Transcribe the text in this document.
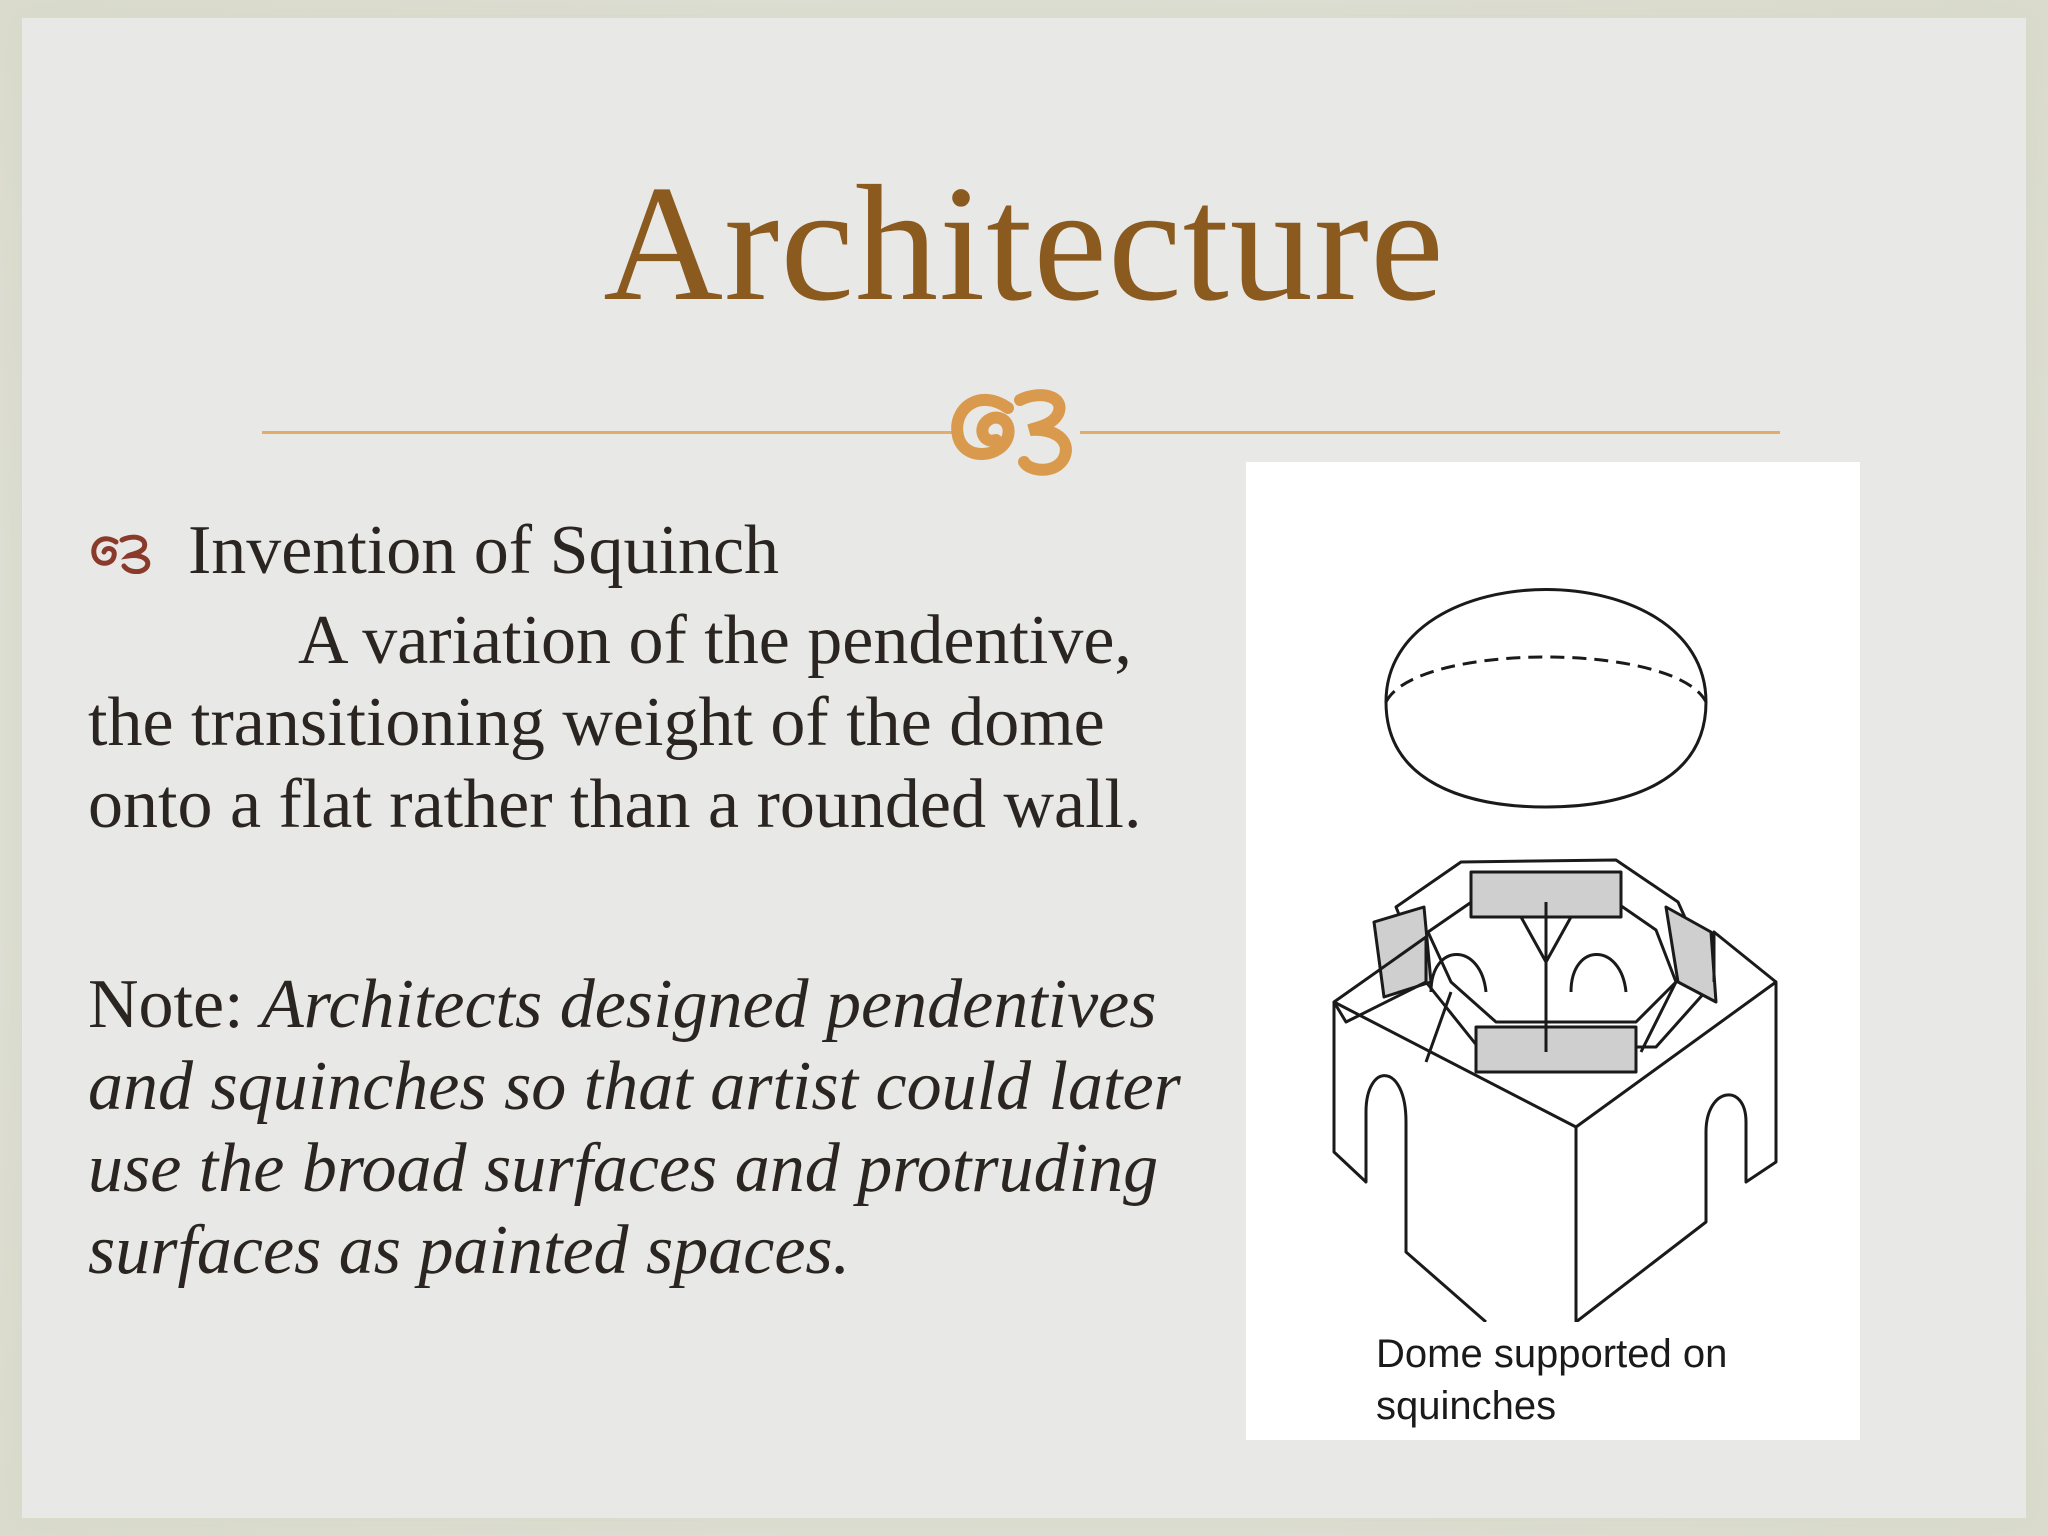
Architecture
Invention of Squinch
A variation of the pendentive, the transitioning weight of the dome onto a flat rather than a rounded wall.
Note: Architects designed pendentives and squinches so that artist could later use the broad surfaces and protruding surfaces as painted spaces.
Dome supported on squinches
